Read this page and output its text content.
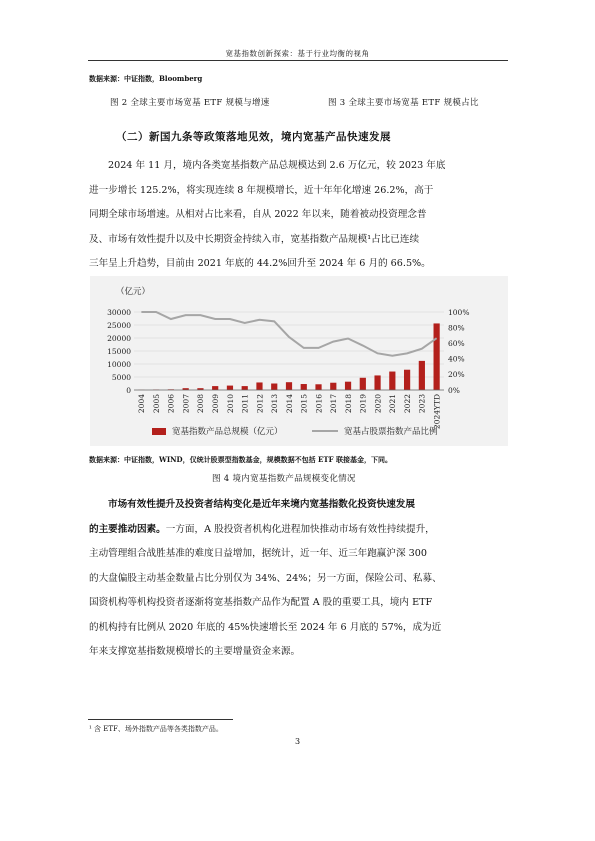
宽基指数创新探索：基于行业均衡的视角
数据来源：中证指数，Bloomberg
图 2 全球主要市场宽基 ETF 规模与增速	图 3 全球主要市场宽基 ETF 规模占比
（二）新国九条等政策落地见效，境内宽基产品快速发展
2024 年 11 月，境内各类宽基指数产品总规模达到 2.6 万亿元，较 2023 年底
进一步增长 125.2%，将实现连续 8 年规模增长，近十年年化增速 26.2%，高于
同期全球市场增速。从相对占比来看，自从 2022 年以来，随着被动投资理念普
及、市场有效性提升以及中长期资金持续入市，宽基指数产品规模¹占比已连续
三年呈上升趋势，目前由 2021 年底的 44.2%回升至 2024 年 6 月的 66.5%。
（亿元）
0
5000
10000
15000
20000
25000
30000
0%
20%
40%
60%
80%
100%
2004 2005 2006 2007 2008 2009 2010 2011 2012 2013 2014 2015 2016 2017 2018 2019 2020 2021 2022 2023 2024YTD
宽基指数产品总规模（亿元）	宽基占股票指数产品比例
数据来源：中证指数，WIND，仅统计股票型指数基金，规模数据不包括 ETF 联接基金，下同。
图 4 境内宽基指数产品规模变化情况
市场有效性提升及投资者结构变化是近年来境内宽基指数化投资快速发展
的主要推动因素。一方面，A 股投资者机构化进程加快推动市场有效性持续提升，
主动管理组合战胜基准的难度日益增加，据统计，近一年、近三年跑赢沪深 300
的大盘偏股主动基金数量占比分别仅为 34%、24%；另一方面，保险公司、私募、
国资机构等机构投资者逐渐将宽基指数产品作为配置 A 股的重要工具，境内 ETF
的机构持有比例从 2020 年底的 45%快速增长至 2024 年 6 月底的 57%，成为近
年来支撑宽基指数规模增长的主要增量资金来源。
¹ 含 ETF、场外指数产品等各类指数产品。
3
